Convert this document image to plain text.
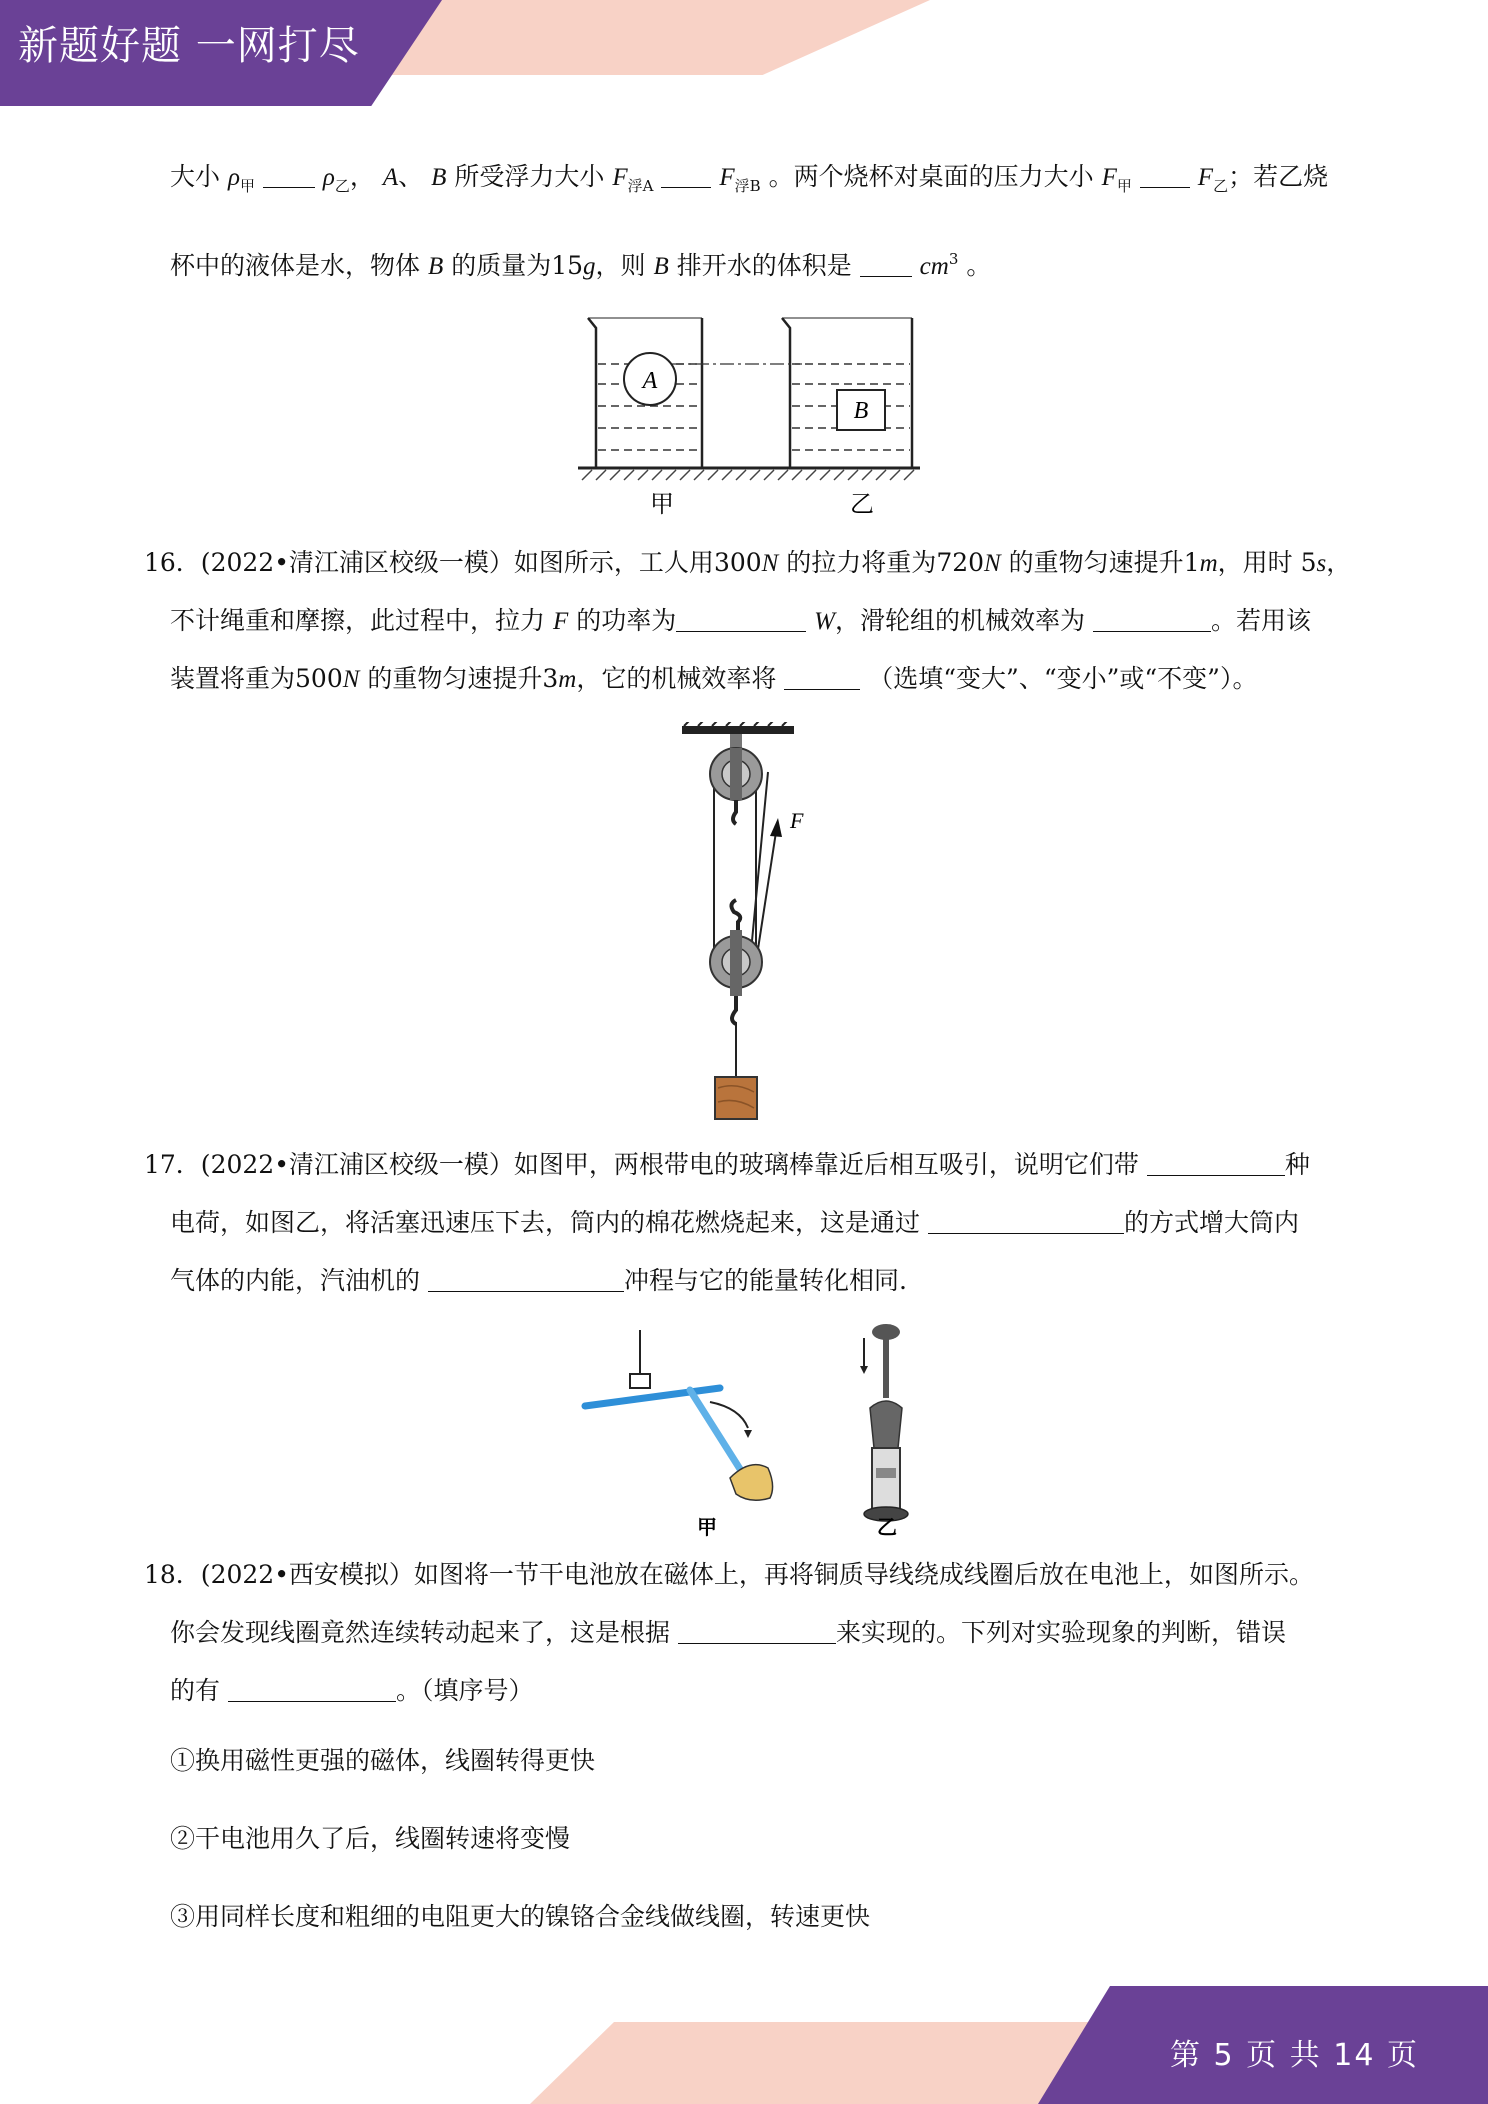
新题好题 一网打尽
大小 $\rho_甲$	$\rho_乙$， A、 B 所受浮力大小 $F_{浮A}$	$F_{浮B}$ 。两个烧杯对桌面的压力大小 $F_甲$	$F_乙$；若乙烧
杯中的液体是水，物体 B 的质量为15g，则 B 排开水的体积是	$cm^3$ 。
A
B
甲	乙
16．(2022•清江浦区校级一模）如图所示，工人用300N 的拉力将重为720N 的重物匀速提升1m，用时 5s，
不计绳重和摩擦，此过程中，拉力 F 的功率为	W，滑轮组的机械效率为	。若用该
装置将重为500N 的重物匀速提升3m，它的机械效率将	（选填“变大”、“变小”或“不变”）。
F
17．(2022•清江浦区校级一模）如图甲，两根带电的玻璃棒靠近后相互吸引，说明它们带	种
电荷，如图乙，将活塞迅速压下去，筒内的棉花燃烧起来，这是通过	的方式增大筒内
气体的内能，汽油机的	冲程与它的能量转化相同.
甲	乙
18．(2022•西安模拟）如图将一节干电池放在磁体上，再将铜质导线绕成线圈后放在电池上，如图所示。
你会发现线圈竟然连续转动起来了，这是根据	来实现的。下列对实验现象的判断，错误
的有	。（填序号）
①换用磁性更强的磁体，线圈转得更快
②干电池用久了后，线圈转速将变慢
③用同样长度和粗细的电阻更大的镍铬合金线做线圈，转速更快
第 5 页 共 14 页
